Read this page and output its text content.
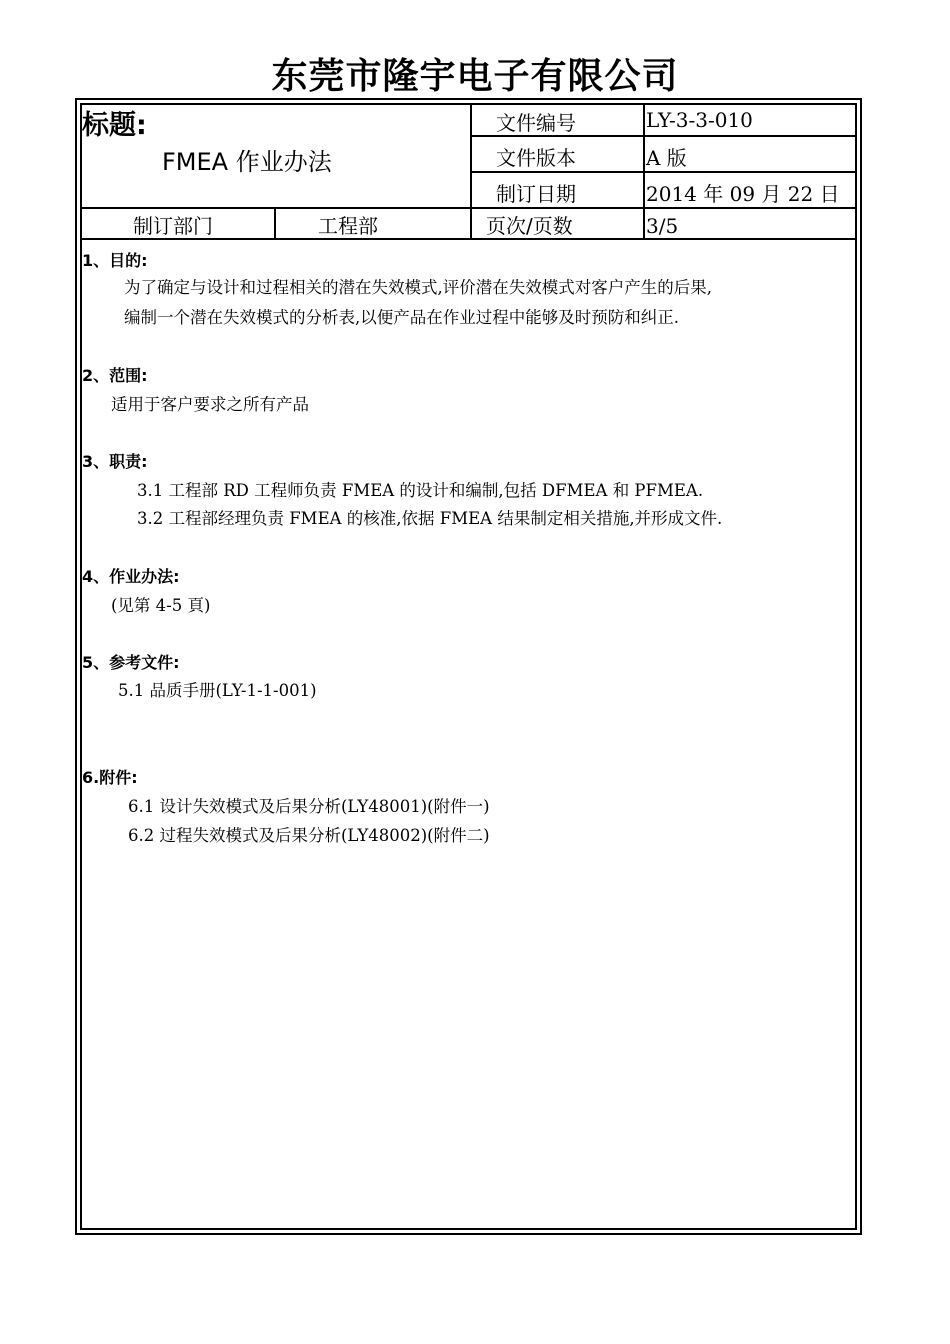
东莞市隆宇电子有限公司
标题:
FMEA 作业办法
文件编号	LY-3-3-010
文件版本	A 版
制订日期	2014 年 09 月 22 日
制订部门	工程部	页次/页数	3/5
1、目的:
为了确定与设计和过程相关的潜在失效模式,评价潜在失效模式对客户产生的后果,
编制一个潜在失效模式的分析表,以便产品在作业过程中能够及时预防和纠正.
2、范围:
适用于客户要求之所有产品
3、职责:
3.1 工程部 RD 工程师负责 FMEA 的设计和编制,包括 DFMEA 和 PFMEA.
3.2 工程部经理负责 FMEA 的核准,依据 FMEA 结果制定相关措施,并形成文件.
4、作业办法:
(见第 4-5 頁)
5、参考文件:
5.1 品质手册(LY-1-1-001)
6.附件:
6.1 设计失效模式及后果分析(LY48001)(附件一)
6.2 过程失效模式及后果分析(LY48002)(附件二)
